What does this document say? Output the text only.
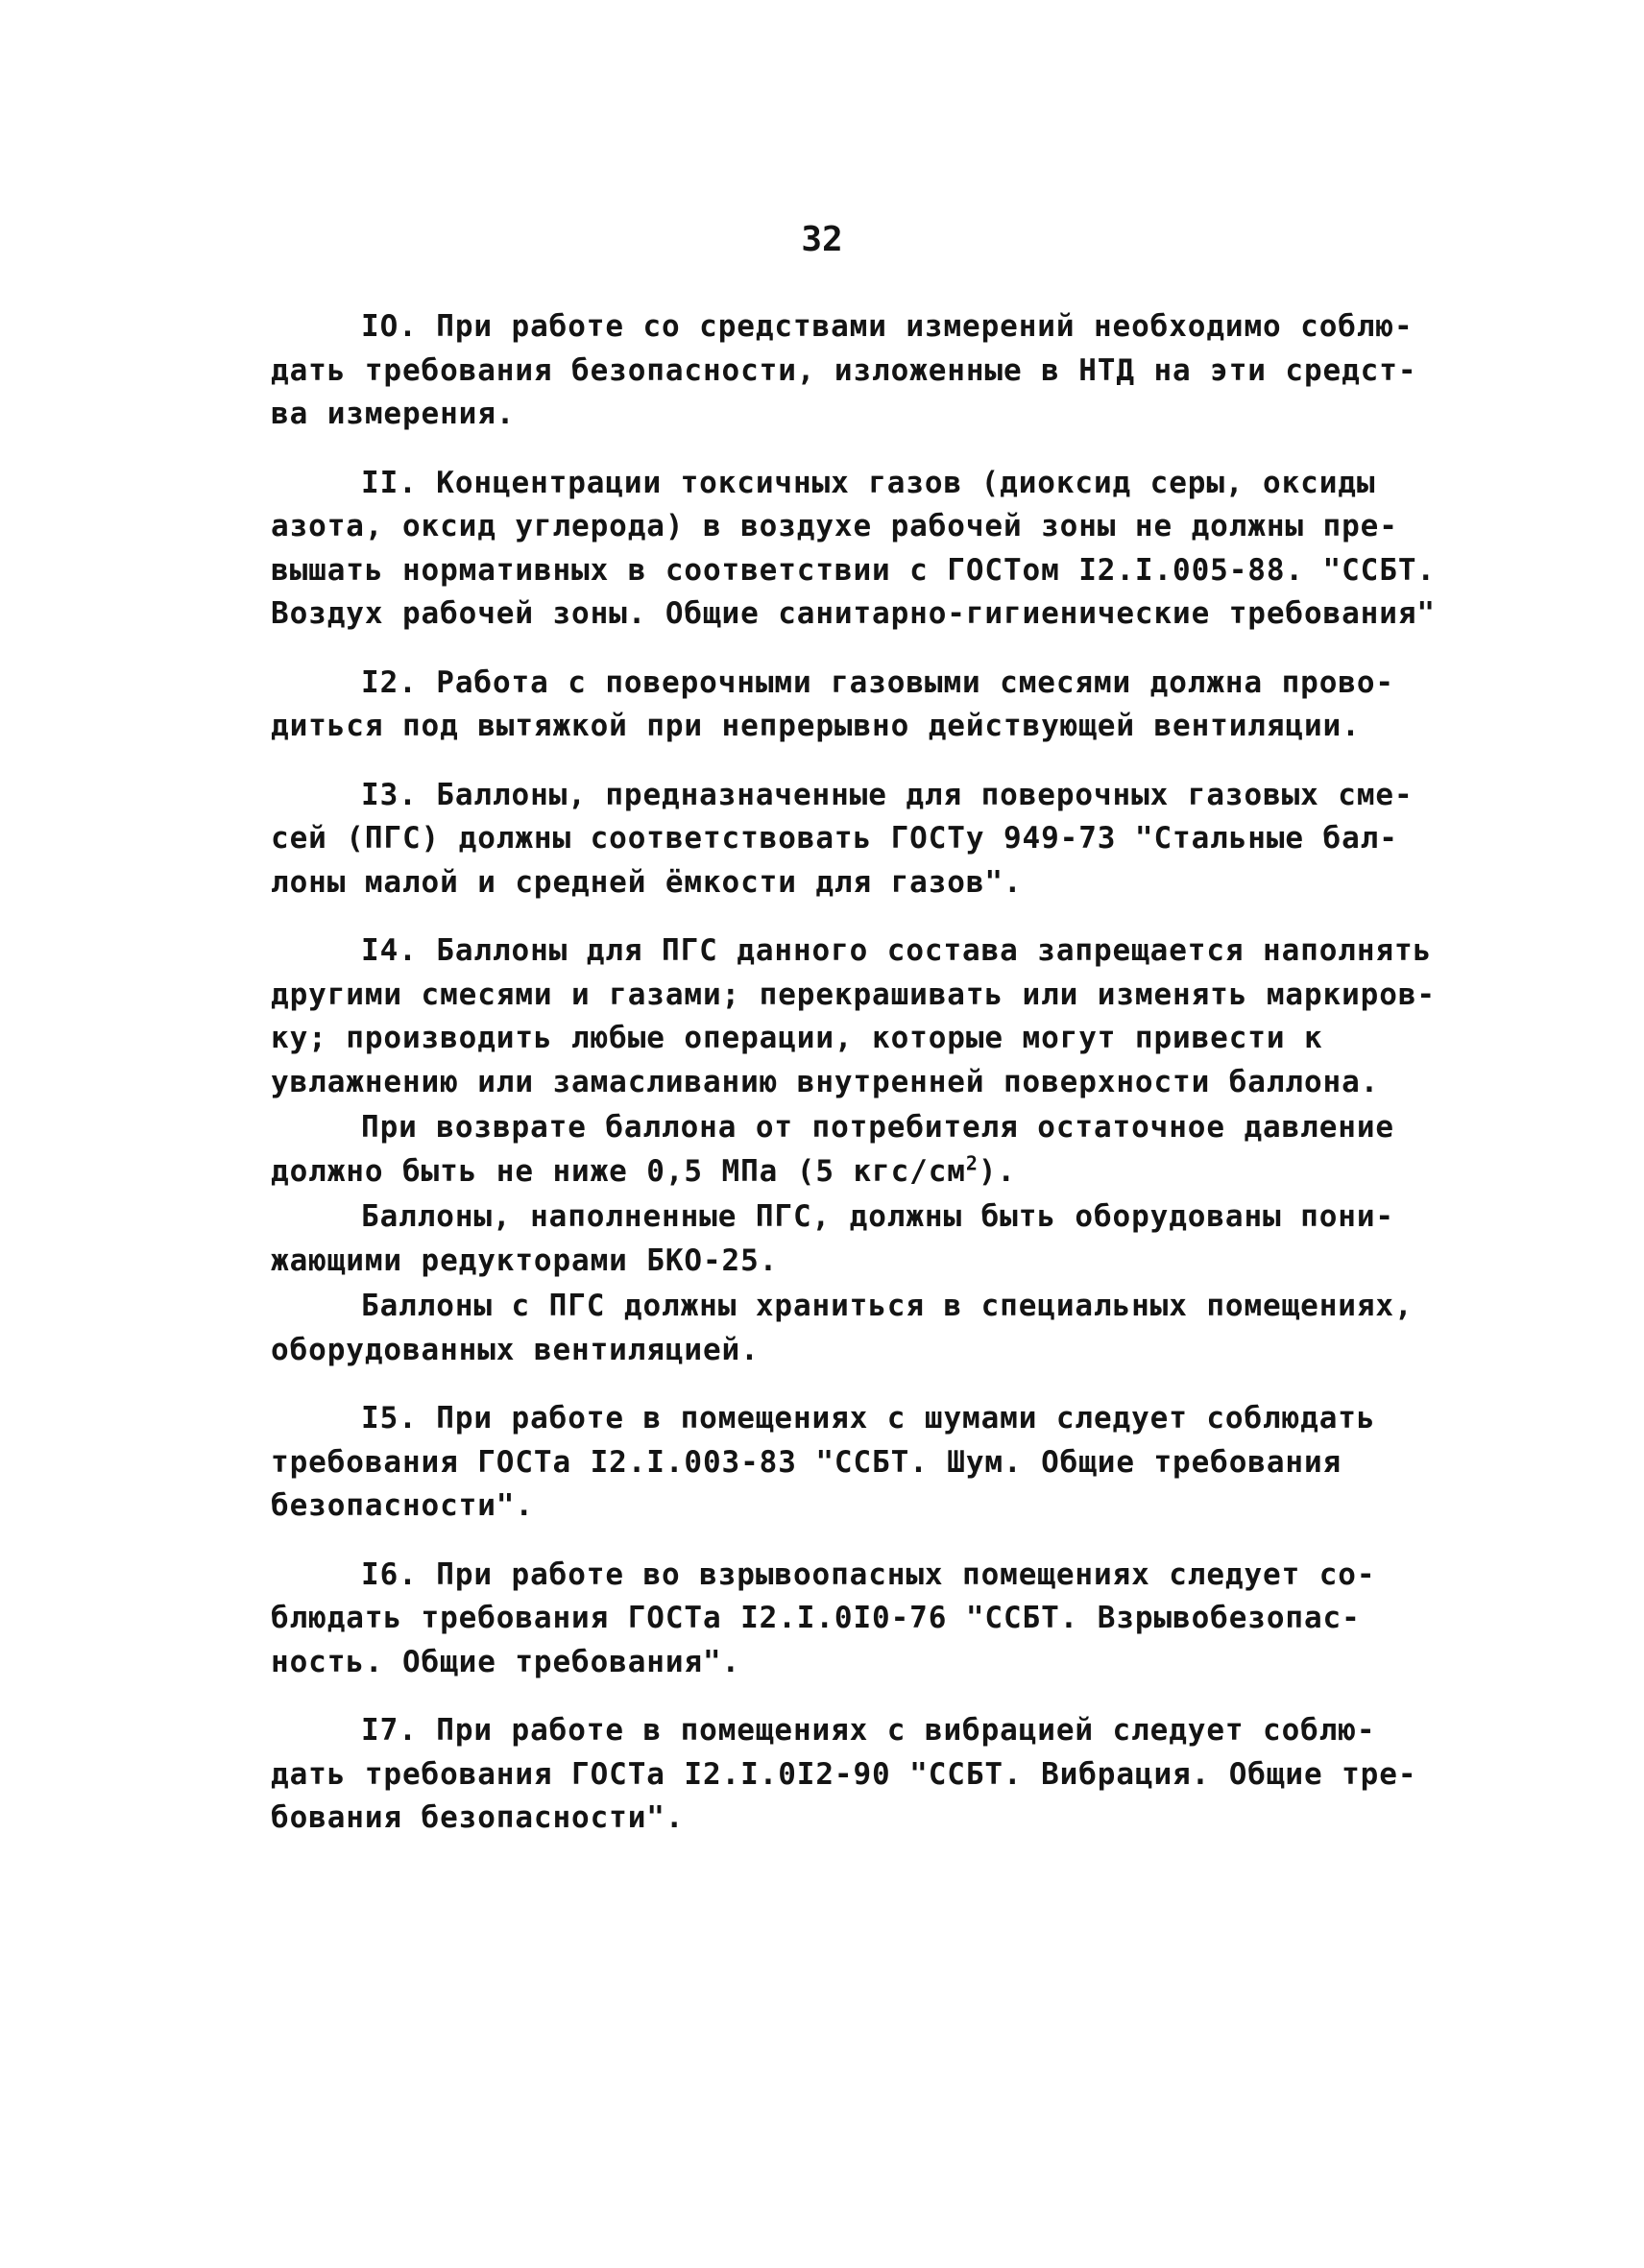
32

IO. При работе со средствами измерений необходимо соблю-
дать требования безопасности, изложенные в НТД на эти средст-
ва измерения.

II. Концентрации токсичных газов (диоксид серы, оксиды
азота, оксид углерода) в воздухе рабочей зоны не должны пре-
вышать нормативных в соответствии с ГОСТом I2.I.005-88. "ССБТ.
Воздух рабочей зоны. Общие санитарно-гигиенические требования"

I2. Работа с поверочными газовыми смесями должна прово-
диться под вытяжкой при непрерывно действующей вентиляции.

I3. Баллоны, предназначенные для поверочных газовых сме-
сей (ПГС) должны соответствовать ГОСТу 949-73 "Стальные бал-
лоны малой и средней ёмкости для газов".

I4. Баллоны для ПГС данного состава запрещается наполнять
другими смесями и газами; перекрашивать или изменять маркиров-
ку; производить любые операции, которые могут привести к
увлажнению или замасливанию внутренней поверхности баллона.

При возврате баллона от потребителя остаточное давление
должно быть не ниже 0,5 МПа (5 кгс/$см^2$).

Баллоны, наполненные ПГС, должны быть оборудованы пони-
жающими редукторами БКО-25.

Баллоны с ПГС должны храниться в специальных помещениях,
оборудованных вентиляцией.

I5. При работе в помещениях с шумами следует соблюдать
требования ГОСТа I2.I.003-83 "ССБТ. Шум. Общие требования
безопасности".

I6. При работе во взрывоопасных помещениях следует со-
блюдать требования ГОСТа I2.I.0I0-76 "ССБТ. Взрывобезопас-
ность. Общие требования".

I7. При работе в помещениях с вибрацией следует соблю-
дать требования ГОСТа I2.I.0I2-90 "ССБТ. Вибрация. Общие тре-
бования безопасности".
